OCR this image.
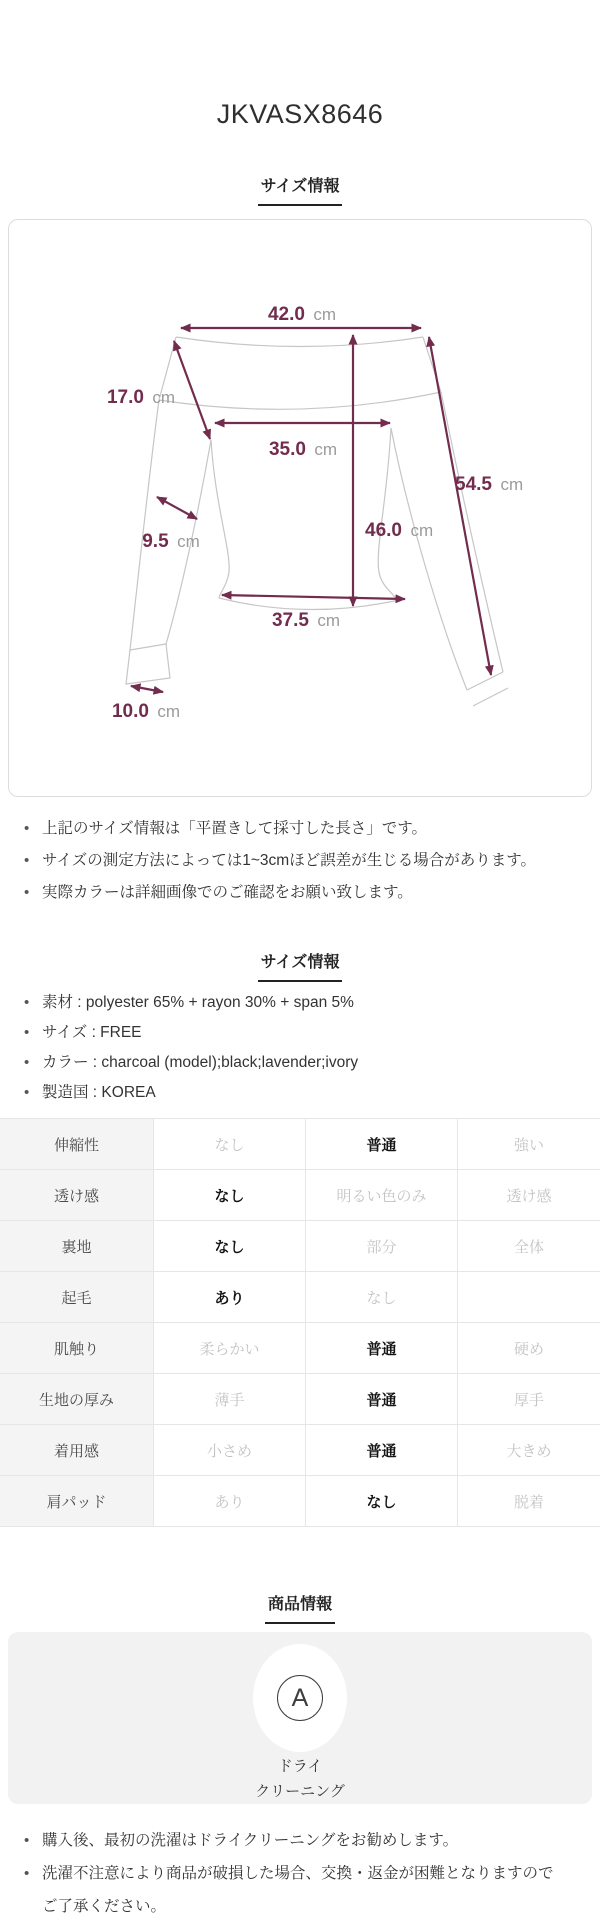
JKVASX8646
サイズ情報
42.0 cm
17.0 cm
35.0 cm
46.0 cm
54.5 cm
9.5 cm
37.5 cm
10.0 cm
• 上記のサイズ情報は「平置きして採寸した長さ」です。
• サイズの測定方法によっては1~3cmほど誤差が生じる場合があります。
• 実際カラーは詳細画像でのご確認をお願い致します。
サイズ情報
• 素材 : polyester 65% + rayon 30% + span 5%
• サイズ : FREE
• カラー : charcoal (model);black;lavender;ivory
• 製造国 : KOREA
伸縮性	なし	普通	強い
透け感	なし	明るい色のみ	透け感
裏地	なし	部分	全体
起毛	あり	なし
肌触り	柔らかい	普通	硬め
生地の厚み	薄手	普通	厚手
着用感	小さめ	普通	大きめ
肩パッド	あり	なし	脱着
商品情報
A
ドライ
クリーニング
• 購入後、最初の洗濯はドライクリーニングをお勧めします。
• 洗濯不注意により商品が破損した場合、交換・返金が困難となりますのでご了承ください。
